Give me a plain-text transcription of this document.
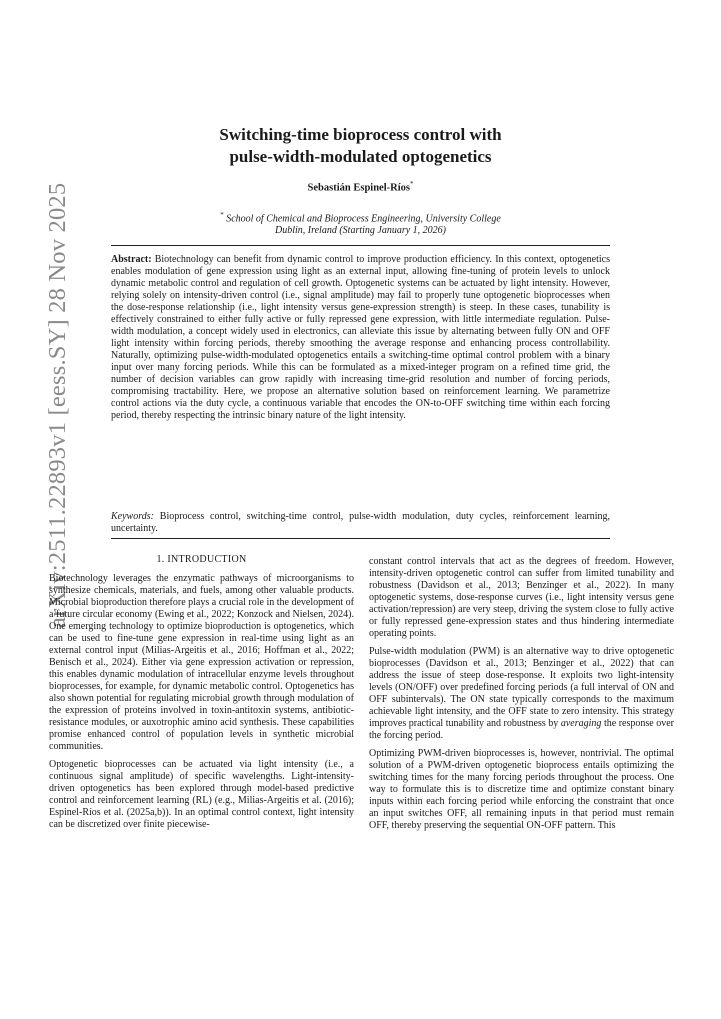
arXiv:2511.22893v1 [eess.SY] 28 Nov 2025
Switching-time bioprocess control with
pulse-width-modulated optogenetics
Sebastián Espinel-Ríos*
* School of Chemical and Bioprocess Engineering, University College
Dublin, Ireland (Starting January 1, 2026)
Abstract: Biotechnology can benefit from dynamic control to improve production efficiency. In this context, optogenetics enables modulation of gene expression using light as an external input, allowing fine-tuning of protein levels to unlock dynamic metabolic control and regulation of cell growth. Optogenetic systems can be actuated by light intensity. However, relying solely on intensity-driven control (i.e., signal amplitude) may fail to properly tune optogenetic bioprocesses when the dose-response relationship (i.e., light intensity versus gene-expression strength) is steep. In these cases, tunability is effectively constrained to either fully active or fully repressed gene expression, with little intermediate regulation. Pulse-width modulation, a concept widely used in electronics, can alleviate this issue by alternating between fully ON and OFF light intensity within forcing periods, thereby smoothing the average response and enhancing process controllability. Naturally, optimizing pulse-width-modulated optogenetics entails a switching-time optimal control problem with a binary input over many forcing periods. While this can be formulated as a mixed-integer program on a refined time grid, the number of decision variables can grow rapidly with increasing time-grid resolution and number of forcing periods, compromising tractability. Here, we propose an alternative solution based on reinforcement learning. We parametrize control actions via the duty cycle, a continuous variable that encodes the ON-to-OFF switching time within each forcing period, thereby respecting the intrinsic binary nature of the light intensity.
Keywords: Bioprocess control, switching-time control, pulse-width modulation, duty cycles, reinforcement learning, uncertainty.
1. INTRODUCTION

Biotechnology leverages the enzymatic pathways of microorganisms to synthesize chemicals, materials, and fuels, among other valuable products. Microbial bioproduction therefore plays a crucial role in the development of a future circular economy (Ewing et al., 2022; Konzock and Nielsen, 2024). One emerging technology to optimize bioproduction is optogenetics, which can be used to fine-tune gene expression in real-time using light as an external control input (Milias-Argeitis et al., 2016; Hoffman et al., 2022; Benisch et al., 2024). Either via gene expression activation or repression, this enables dynamic modulation of intracellular enzyme levels throughout bioprocesses, for example, for dynamic metabolic control. Optogenetics has also shown potential for regulating microbial growth through modulation of the expression of proteins involved in toxin-antitoxin systems, antibiotic-resistance modules, or auxotrophic amino acid synthesis. These capabilities promise enhanced control of population levels in synthetic microbial communities.

Optogenetic bioprocesses can be actuated via light intensity (i.e., a continuous signal amplitude) of specific wavelengths. Light-intensity-driven optogenetics has been explored through model-based predictive control and reinforcement learning (RL) (e.g., Milias-Argeitis et al. (2016); Espinel-Ríos et al. (2025a,b)). In an optimal control context, light intensity can be discretized over finite piecewise-

constant control intervals that act as the degrees of freedom. However, intensity-driven optogenetic control can suffer from limited tunability and robustness (Davidson et al., 2013; Benzinger et al., 2022). In many optogenetic systems, dose-response curves (i.e., light intensity versus gene activation/repression) are very steep, driving the system close to fully active or fully repressed gene-expression states and thus hindering intermediate operating points.

Pulse-width modulation (PWM) is an alternative way to drive optogenetic bioprocesses (Davidson et al., 2013; Benzinger et al., 2022) that can address the issue of steep dose-response. It exploits two light-intensity levels (ON/OFF) over predefined forcing periods (a full interval of ON and OFF subintervals). The ON state typically corresponds to the maximum achievable light intensity, and the OFF state to zero intensity. This strategy improves practical tunability and robustness by averaging the response over the forcing period.

Optimizing PWM-driven bioprocesses is, however, nontrivial. The optimal solution of a PWM-driven optogenetic bioprocess entails optimizing the switching times for the many forcing periods throughout the process. One way to formulate this is to discretize time and optimize constant binary inputs within each forcing period while enforcing the constraint that once an input switches OFF, all remaining inputs in that period must remain OFF, thereby preserving the sequential ON-OFF pattern. This
